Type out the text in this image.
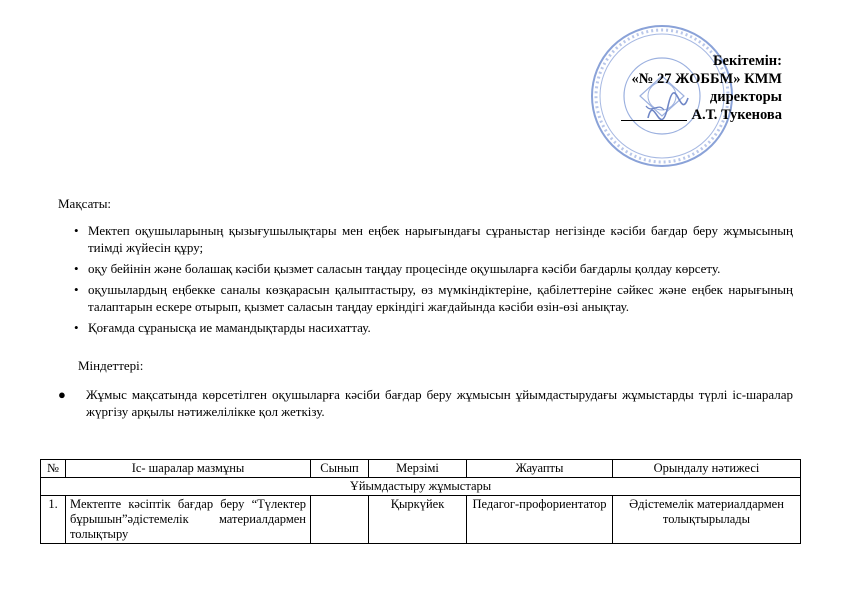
Бекітемін:
«№ 27 ЖОББМ» КММ
директоры
А.Т. Тукенова
Мақсаты:
• Мектеп оқушыларының қызығушылықтары мен еңбек нарығындағы сұраныстар негізінде кәсіби бағдар беру жұмысының тиімді жүйесін құру;
• оқу бейінін және болашақ кәсіби қызмет саласын таңдау процесінде оқушыларға кәсіби бағдарлы қолдау көрсету.
• оқушылардың еңбекке саналы көзқарасын қалыптастыру, өз мүмкіндіктеріне, қабілеттеріне сәйкес және еңбек нарығының талаптарын ескере отырып, қызмет саласын таңдау еркіндігі жағдайында кәсіби өзін-өзі анықтау.
• Қоғамда сұранысқа ие мамандықтарды насихаттау.
Міндеттері:
● Жұмыс мақсатында көрсетілген оқушыларға кәсіби бағдар беру жұмысын ұйымдастырудағы жұмыстарды түрлі іс-шаралар жүргізу арқылы нәтижелілікке қол жеткізу.
№	Іс- шаралар мазмұны	Сынып	Мерзімі	Жауапты	Орындалу нәтижесі
Ұйымдастыру жұмыстары					
1.	Мектепте кәсіптік бағдар беру “Түлектер бұрышын”әдістемелік материалдармен толықтыру		Қыркүйек	Педагог-профориентатор	Әдістемелік материалдармен толықтырылады
